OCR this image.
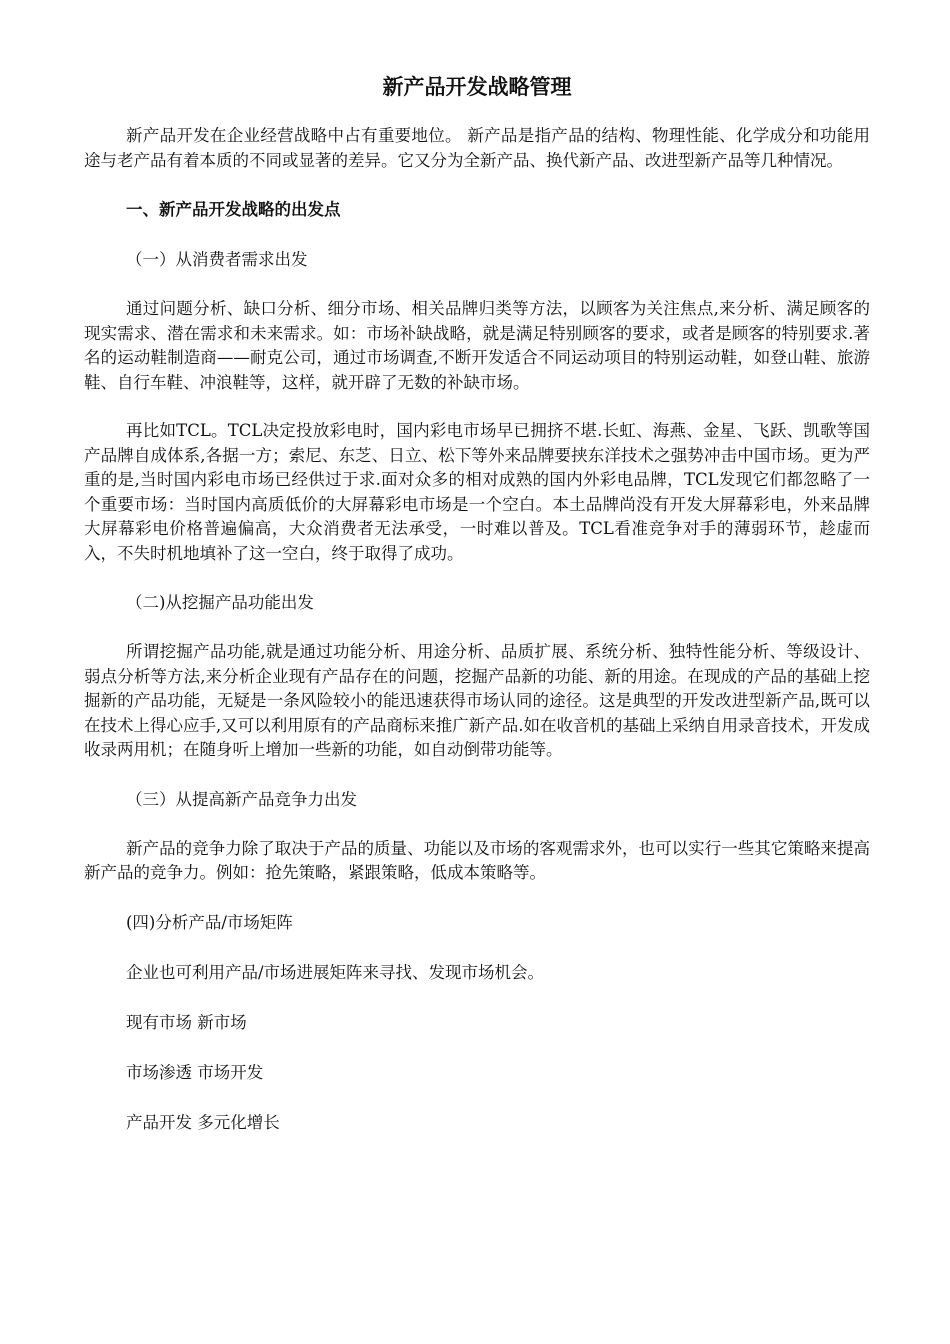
新产品开发战略管理

新产品开发在企业经营战略中占有重要地位。 新产品是指产品的结构、物理性能、化学成分和功能用途与老产品有着本质的不同或显著的差异。它又分为全新产品、换代新产品、改进型新产品等几种情况。

一、新产品开发战略的出发点

（一）从消费者需求出发

通过问题分析、缺口分析、细分市场、相关品牌归类等方法，以顾客为关注焦点,来分析、满足顾客的现实需求、潜在需求和未来需求。如：市场补缺战略，就是满足特别顾客的要求，或者是顾客的特别要求.著名的运动鞋制造商——耐克公司，通过市场调查,不断开发适合不同运动项目的特别运动鞋，如登山鞋、旅游鞋、自行车鞋、冲浪鞋等，这样，就开辟了无数的补缺市场。

再比如TCL。TCL决定投放彩电时，国内彩电市场早已拥挤不堪.长虹、海燕、金星、飞跃、凯歌等国产品牌自成体系,各据一方；索尼、东芝、日立、松下等外来品牌要挟东洋技术之强势冲击中国市场。更为严重的是,当时国内彩电市场已经供过于求.面对众多的相对成熟的国内外彩电品牌，TCL发现它们都忽略了一个重要市场：当时国内高质低价的大屏幕彩电市场是一个空白。本土品牌尚没有开发大屏幕彩电，外来品牌大屏幕彩电价格普遍偏高，大众消费者无法承受，一时难以普及。TCL看准竞争对手的薄弱环节，趁虚而入，不失时机地填补了这一空白，终于取得了成功。

（二)从挖掘产品功能出发

所谓挖掘产品功能,就是通过功能分析、用途分析、品质扩展、系统分析、独特性能分析、等级设计、弱点分析等方法,来分析企业现有产品存在的问题，挖掘产品新的功能、新的用途。在现成的产品的基础上挖掘新的产品功能，无疑是一条风险较小的能迅速获得市场认同的途径。这是典型的开发改进型新产品,既可以在技术上得心应手,又可以利用原有的产品商标来推广新产品.如在收音机的基础上采纳自用录音技术，开发成收录两用机；在随身听上增加一些新的功能，如自动倒带功能等。

（三）从提高新产品竞争力出发

新产品的竞争力除了取决于产品的质量、功能以及市场的客观需求外，也可以实行一些其它策略来提高新产品的竞争力。例如：抢先策略，紧跟策略，低成本策略等。

(四)分析产品/市场矩阵

企业也可利用产品/市场进展矩阵来寻找、发现市场机会。

现有市场 新市场

市场渗透 市场开发

产品开发 多元化增长
